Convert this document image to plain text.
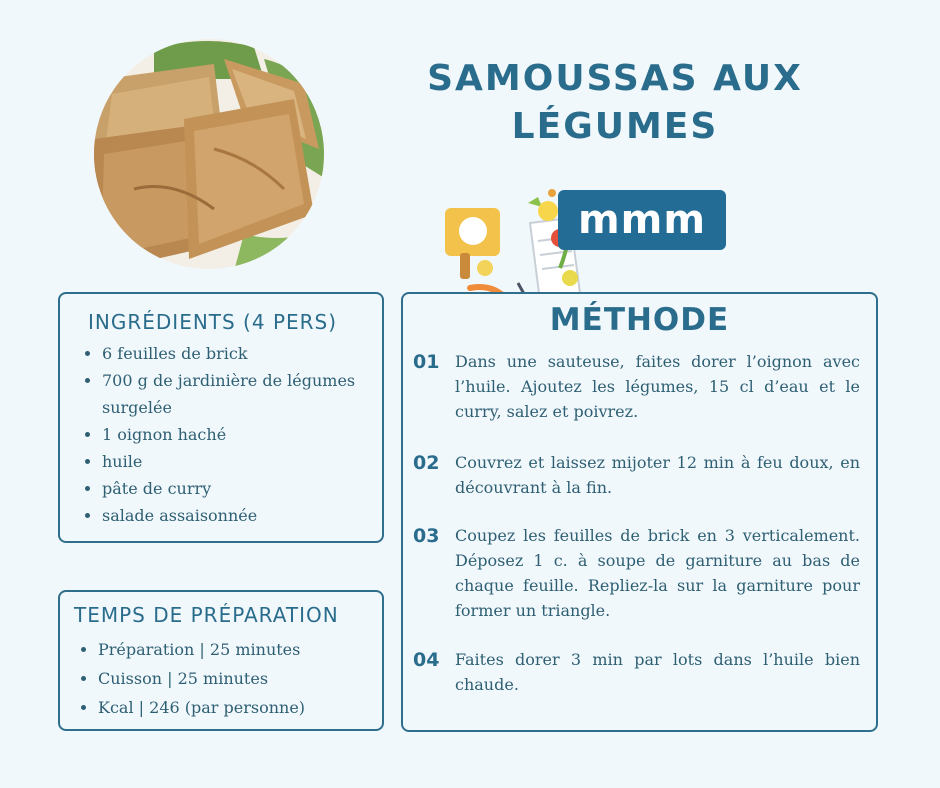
SAMOUSSAS AUX
LÉGUMES
mmm
INGRÉDIENTS (4 PERS)
• 6 feuilles de brick
• 700 g de jardinière de légumes surgelée
• 1 oignon haché
• huile
• pâte de curry
• salade assaisonnée
TEMPS DE PRÉPARATION
• Préparation | 25 minutes
• Cuisson | 25 minutes
• Kcal | 246 (par personne)
MÉTHODE
01 Dans une sauteuse, faites dorer l’oignon avec l’huile. Ajoutez les légumes, 15 cl d’eau et le curry, salez et poivrez.
02 Couvrez et laissez mijoter 12 min à feu doux, en découvrant à la fin.
03 Coupez les feuilles de brick en 3 verticalement. Déposez 1 c. à soupe de garniture au bas de chaque feuille. Repliez-la sur la garniture pour former un triangle.
04 Faites dorer 3 min par lots dans l’huile bien chaude.
